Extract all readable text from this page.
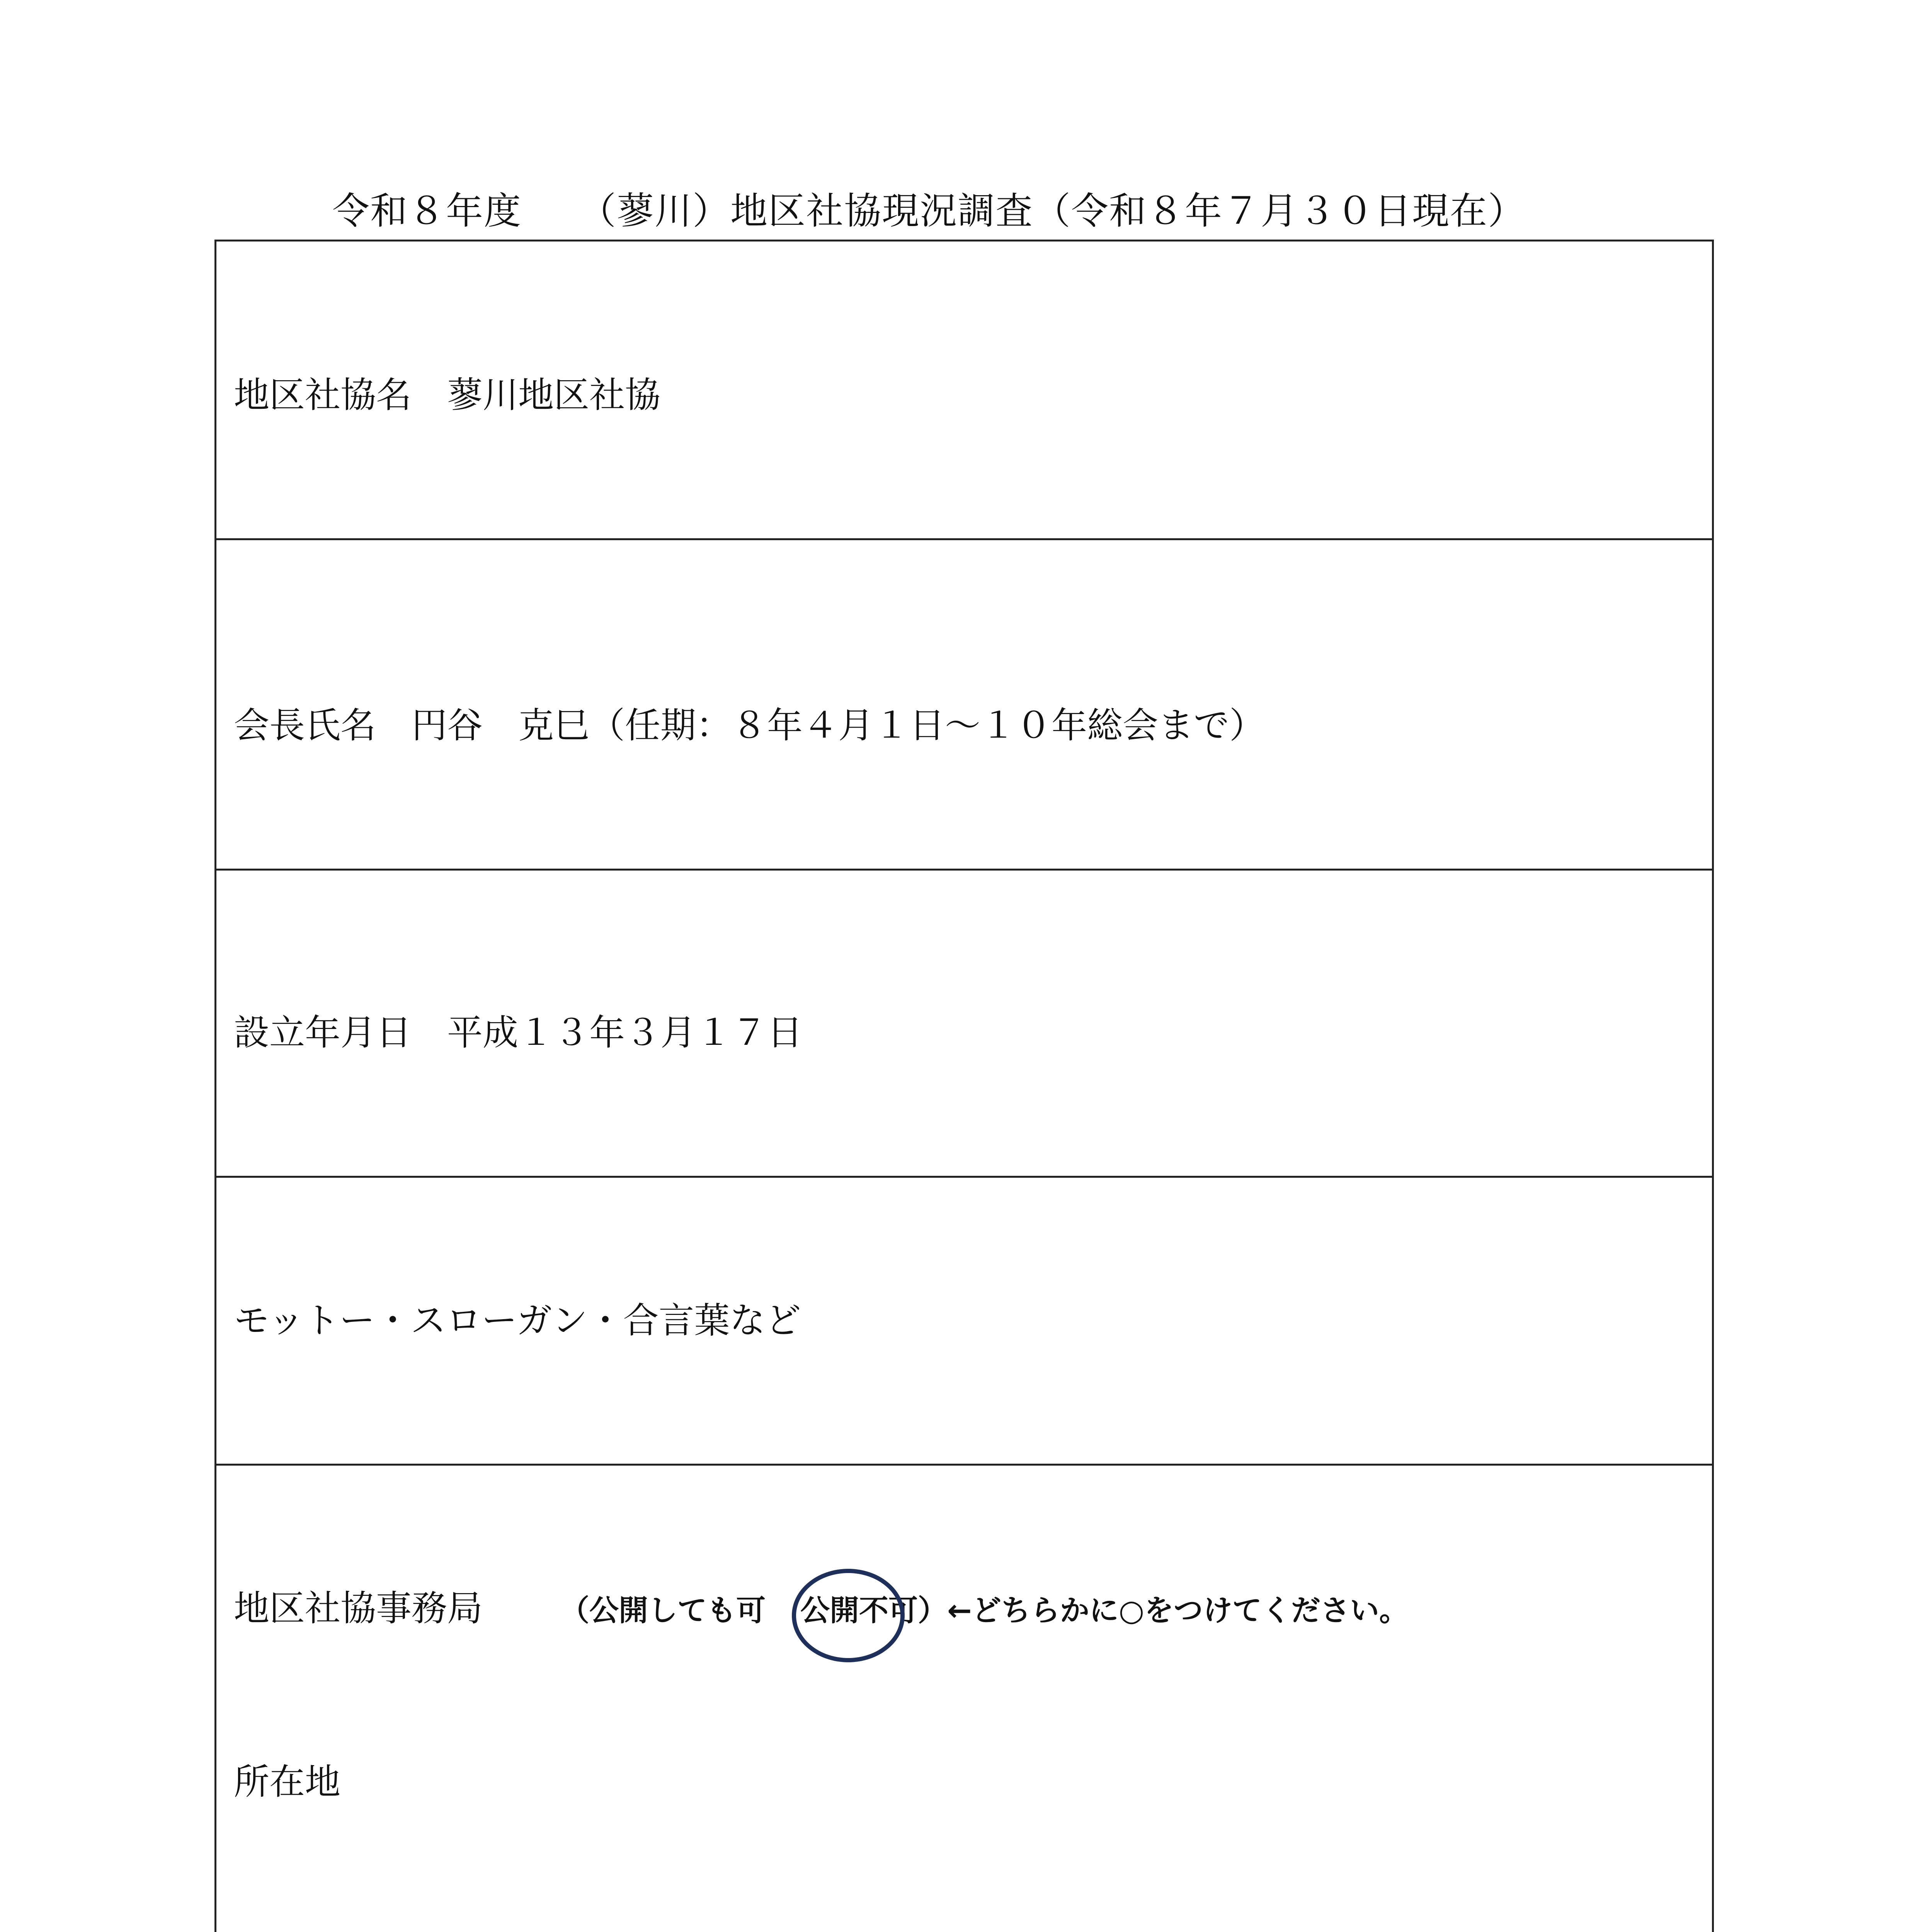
令和８年度　　（蓼川）地区社協現況調査（令和８年７月３０日現在）

地区社協名　蓼川地区社協

会長氏名　円谷　克巳（任期：８年４月１日～１０年総会まで）

設立年月日　平成１３年３月１７日

モットー・スローガン・合言葉など

地区社協事務局	（公開しても可 公開不可
）←どちらかに○をつけてください。

所在地
